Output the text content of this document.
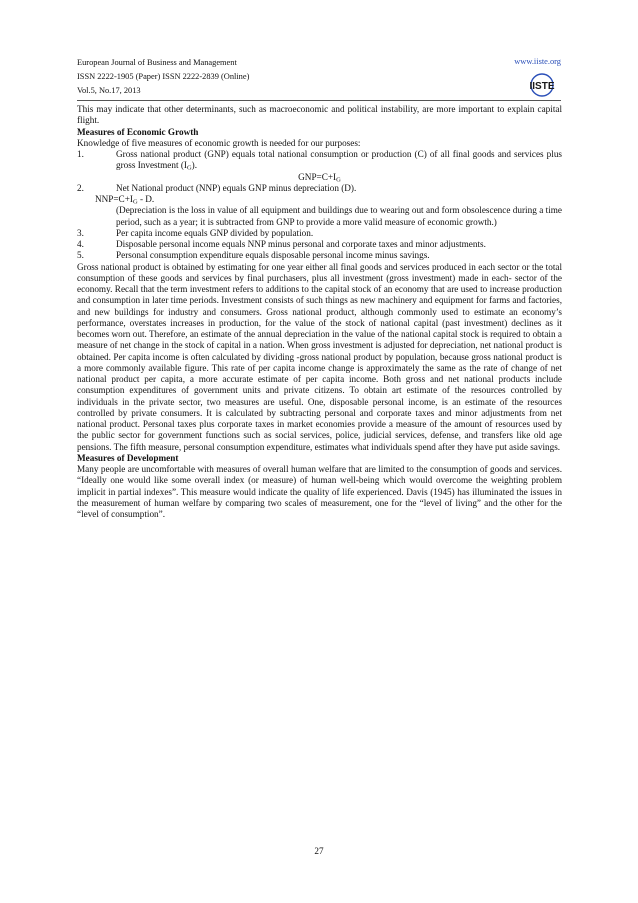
European Journal of Business and Management
ISSN 2222-1905 (Paper) ISSN 2222-2839 (Online)
Vol.5, No.17, 2013
www.iiste.org
IISTE

This may indicate that other determinants, such as macroeconomic and political instability, are more important to explain capital flight.

Measures of Economic Growth

Knowledge of five measures of economic growth is needed for our purposes:

1.	Gross national product (GNP) equals total national consumption or production (C) of all final goods and services plus gross Investment $(I_G)$.

$GNP=C+I_G$

2.	Net National product (NNP) equals GNP minus depreciation (D).

$NNP=C+I_G - D$.

(Depreciation is the loss in value of all equipment and buildings due to wearing out and form obsolescence during a time period, such as a year; it is subtracted from GNP to provide a more valid measure of economic growth.)

3.	Per capita income equals GNP divided by population.
4.	Disposable personal income equals NNP minus personal and corporate taxes and minor adjustments.
5.	Personal consumption expenditure equals disposable personal income minus savings.

Gross national product is obtained by estimating for one year either all final goods and services produced in each sector or the total consumption of these goods and services by final purchasers, plus all investment (gross investment) made in each- sector of the economy. Recall that the term investment refers to additions to the capital stock of an economy that are used to increase production and consumption in later time periods. Investment consists of such things as new machinery and equipment for farms and factories, and new buildings for industry and consumers. Gross national product, although commonly used to estimate an economy’s performance, overstates increases in production, for the value of the stock of national capital (past investment) declines as it becomes worn out. Therefore, an estimate of the annual depreciation in the value of the national capital stock is required to obtain a measure of net change in the stock of capital in a nation. When gross investment is adjusted for depreciation, net national product is obtained. Per capita income is often calculated by dividing -gross national product by population, because gross national product is a more commonly available figure. This rate of per capita income change is approximately the same as the rate of change of net national product per capita, a more accurate estimate of per capita income. Both gross and net national products include consumption expenditures of government units and private citizens. To obtain art estimate of the resources controlled by individuals in the private sector, two measures are useful. One, disposable personal income, is an estimate of the resources controlled by private consumers. It is calculated by subtracting personal and corporate taxes and minor adjustments from net national product. Personal taxes plus corporate taxes in market economies provide a measure of the amount of resources used by the public sector for government functions such as social services, police, judicial services, defense, and transfers like old age pensions. The fifth measure, personal consumption expenditure, estimates what individuals spend after they have put aside savings.

Measures of Development

Many people are uncomfortable with measures of overall human welfare that are limited to the consumption of goods and services. “Ideally one would like some overall index (or measure) of human well-being which would overcome the weighting problem implicit in partial indexes”. This measure would indicate the quality of life experienced. Davis (1945) has illuminated the issues in the measurement of human welfare by comparing two scales of measurement, one for the “level of living” and the other for the “level of consumption”.

27
